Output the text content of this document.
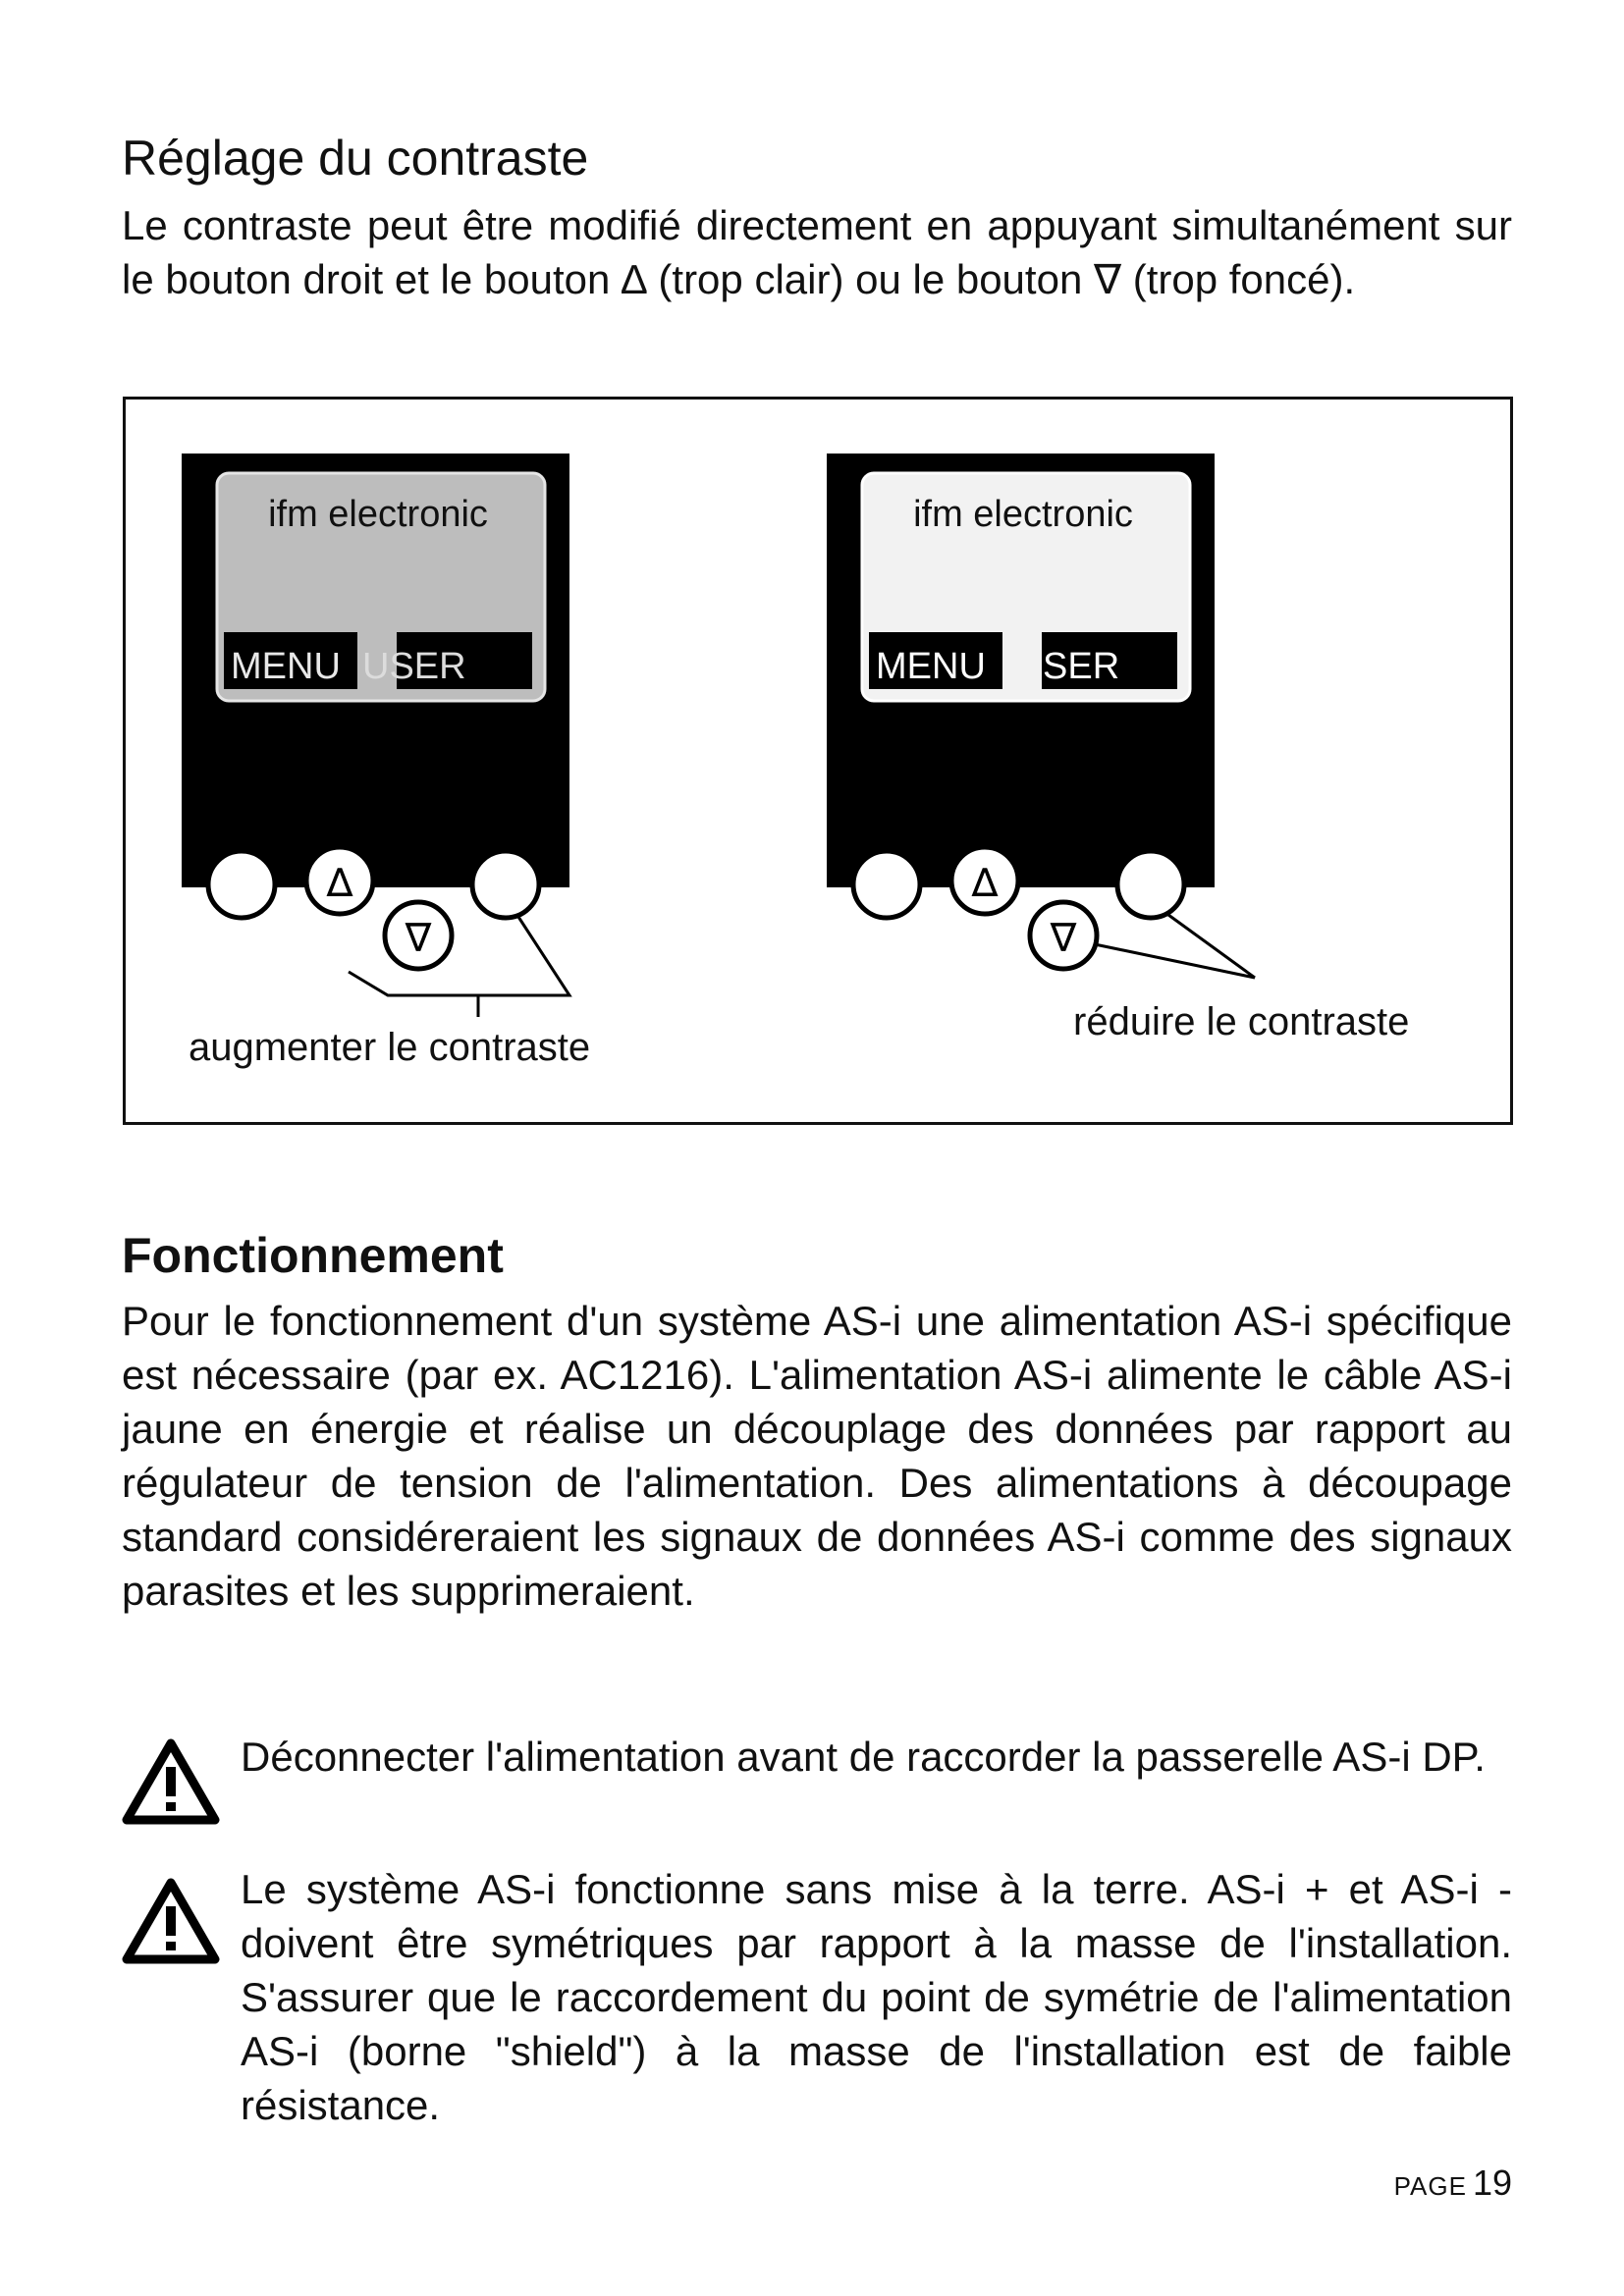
Réglage du contraste

Le contraste peut être modifié directement en appuyant simultanément sur le bouton droit et le bouton ∆ (trop clair) ou le bouton ∇ (trop foncé).

ifm electronic
MENU USER
∆
∇
augmenter le contraste
ifm electronic
MENU SER
∆
∇
réduire le contraste
Fonctionnement

Pour le fonctionnement d'un système AS-i une alimentation AS-i spécifique est nécessaire (par ex. AC1216). L'alimentation AS-i alimente le câble AS-i jaune en énergie et réalise un découplage des données par rapport au régulateur de tension de l'alimentation. Des alimentations à découpage standard considéreraient les signaux de données AS-i comme des signaux parasites et les supprimeraient.

Déconnecter l'alimentation avant de raccorder la passerelle AS-i DP.

Le système AS-i fonctionne sans mise à la terre. AS-i + et AS-i - doivent être symétriques par rapport à la masse de l'installation. S'assurer que le raccordement du point de symétrie de l'alimentation AS-i (borne "shield") à la masse de l'installation est de faible résistance.

PAGE 19
